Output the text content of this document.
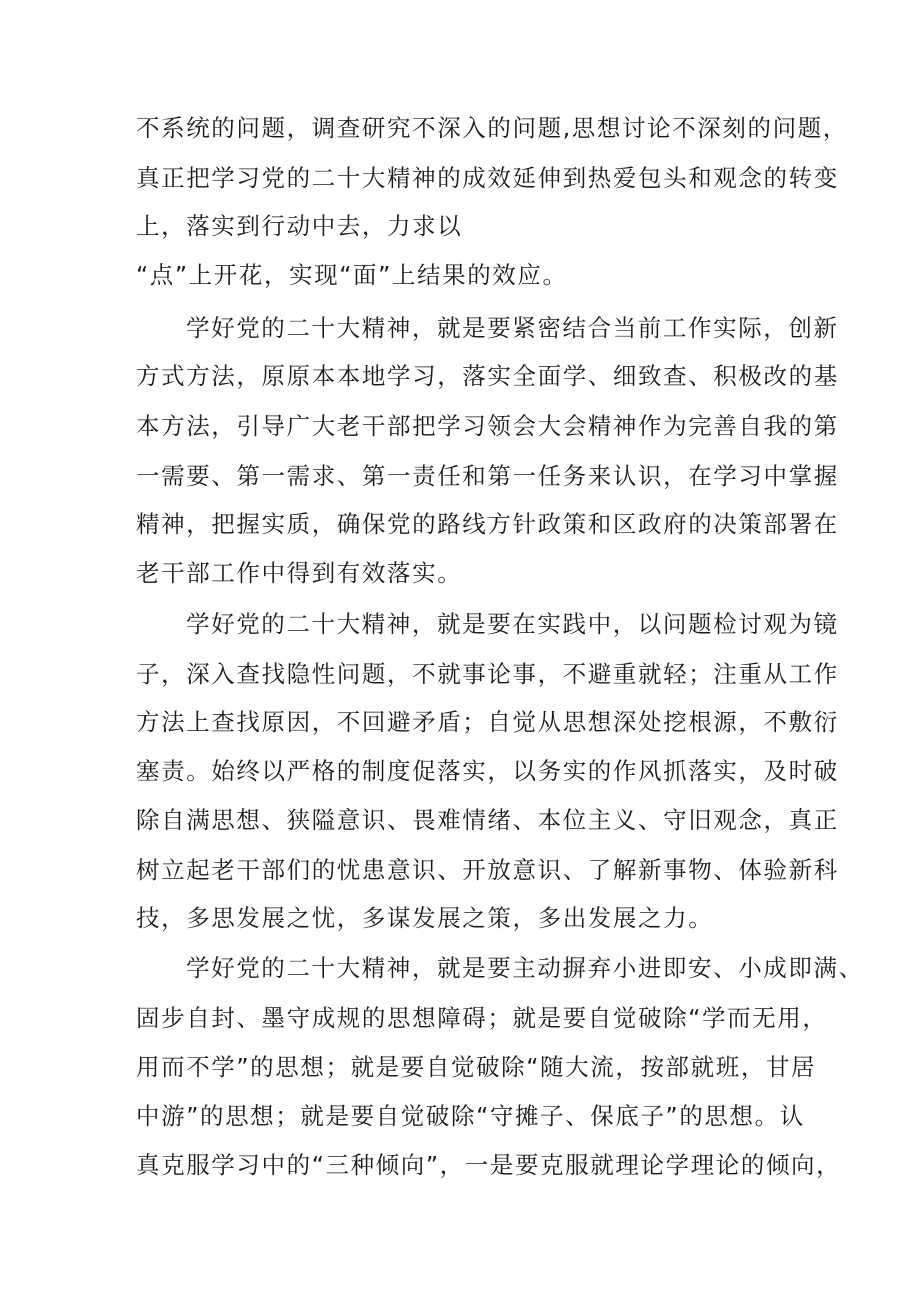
不系统的问题，调查研究不深入的问题,思想讨论不深刻的问题，
真正把学习党的二十大精神的成效延伸到热爱包头和观念的转变
上，落实到行动中去，力求以
“点”上开花，实现“面”上结果的效应。
学好党的二十大精神，就是要紧密结合当前工作实际，创新
方式方法，原原本本地学习，落实全面学、细致查、积极改的基
本方法，引导广大老干部把学习领会大会精神作为完善自我的第
一需要、第一需求、第一责任和第一任务来认识，在学习中掌握
精神，把握实质，确保党的路线方针政策和区政府的决策部署在
老干部工作中得到有效落实。
学好党的二十大精神，就是要在实践中，以问题检讨观为镜
子，深入查找隐性问题，不就事论事，不避重就轻；注重从工作
方法上查找原因，不回避矛盾；自觉从思想深处挖根源，不敷衍
塞责。始终以严格的制度促落实，以务实的作风抓落实，及时破
除自满思想、狭隘意识、畏难情绪、本位主义、守旧观念，真正
树立起老干部们的忧患意识、开放意识、了解新事物、体验新科
技，多思发展之忧，多谋发展之策，多出发展之力。
学好党的二十大精神，就是要主动摒弃小进即安、小成即满、
固步自封、墨守成规的思想障碍；就是要自觉破除“学而无用，
用而不学”的思想；就是要自觉破除“随大流，按部就班，甘居
中游”的思想；就是要自觉破除“守摊子、保底子”的思想。认
真克服学习中的“三种倾向”，一是要克服就理论学理论的倾向，
